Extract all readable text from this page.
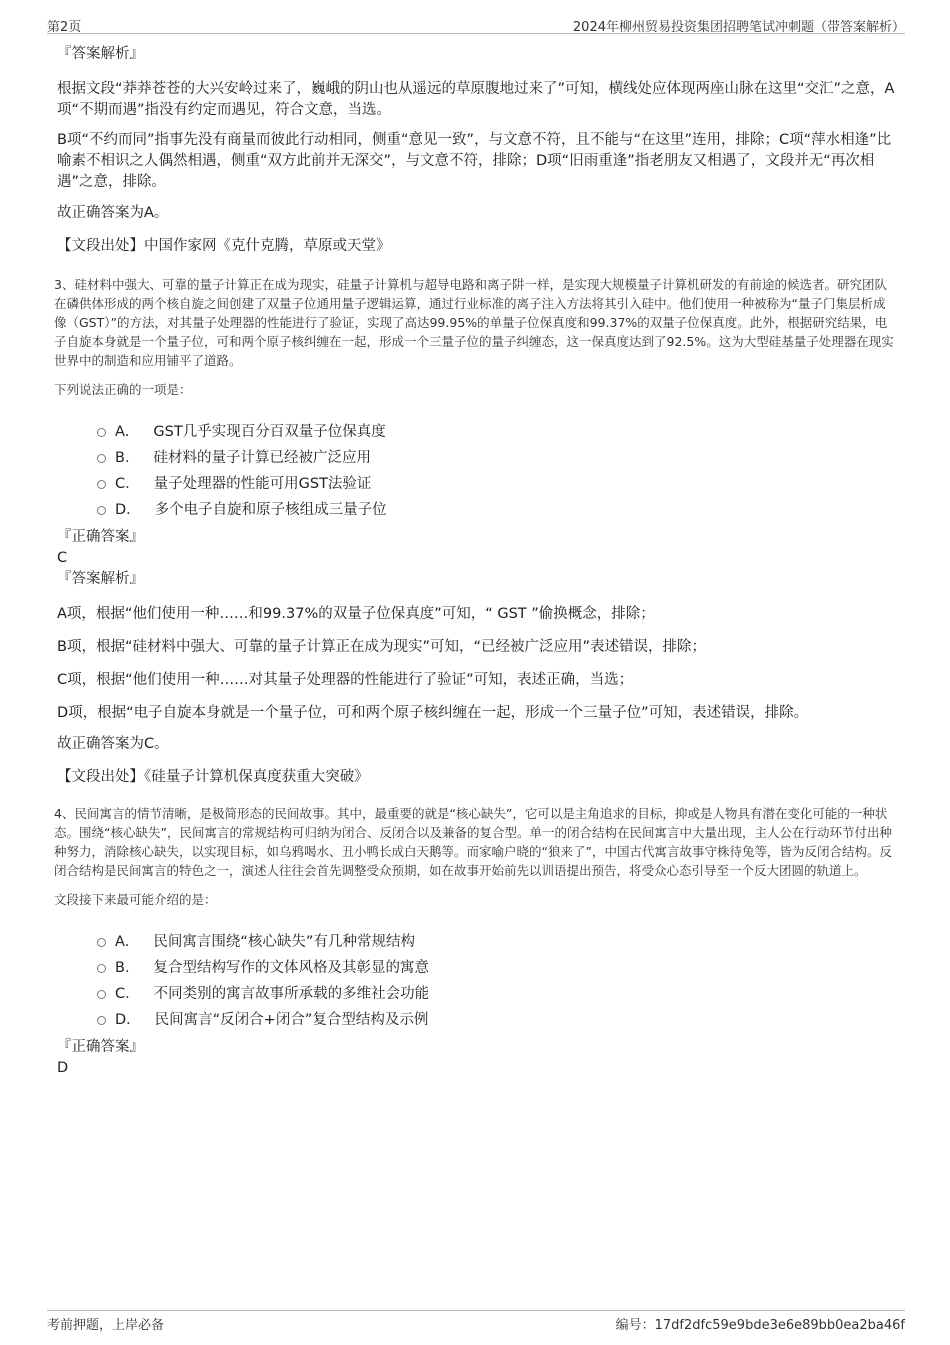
第2页	2024年柳州贸易投资集团招聘笔试冲刺题（带答案解析）
『答案解析』
根据文段“莽莽苍苍的大兴安岭过来了，巍峨的阴山也从遥远的草原腹地过来了”可知，横线处应体现两座山脉在这里“交汇”之意，A项“不期而遇”指没有约定而遇见，符合文意，当选。
B项“不约而同”指事先没有商量而彼此行动相同，侧重“意见一致”，与文意不符，且不能与“在这里”连用，排除；C项“萍水相逢”比喻素不相识之人偶然相遇，侧重“双方此前并无深交”，与文意不符，排除；D项“旧雨重逢”指老朋友又相遇了，文段并无“再次相遇”之意，排除。
故正确答案为A。
【文段出处】中国作家网《克什克腾，草原或天堂》
3、硅材料中强大、可靠的量子计算正在成为现实，硅量子计算机与超导电路和离子阱一样，是实现大规模量子计算机研发的有前途的候选者。研究团队在磷供体形成的两个核自旋之间创建了双量子位通用量子逻辑运算，通过行业标准的离子注入方法将其引入硅中。他们使用一种被称为“量子门集层析成像（GST）”的方法，对其量子处理器的性能进行了验证，实现了高达99.95%的单量子位保真度和99.37%的双量子位保真度。此外，根据研究结果，电子自旋本身就是一个量子位，可和两个原子核纠缠在一起，形成一个三量子位的量子纠缠态，这一保真度达到了92.5%。这为大型硅基量子处理器在现实世界中的制造和应用铺平了道路。
下列说法正确的一项是：
A． GST几乎实现百分百双量子位保真度
B． 硅材料的量子计算已经被广泛应用
C． 量子处理器的性能可用GST法验证
D． 多个电子自旋和原子核组成三量子位
『正确答案』
C
『答案解析』
A项，根据“他们使用一种……和99.37%的双量子位保真度”可知，“ GST ”偷换概念，排除；
B项，根据“硅材料中强大、可靠的量子计算正在成为现实”可知，“已经被广泛应用”表述错误，排除；
C项，根据“他们使用一种……对其量子处理器的性能进行了验证”可知，表述正确，当选；
D项，根据“电子自旋本身就是一个量子位，可和两个原子核纠缠在一起，形成一个三量子位”可知，表述错误，排除。
故正确答案为C。
【文段出处】《硅量子计算机保真度获重大突破》
4、民间寓言的情节清晰，是极简形态的民间故事。其中，最重要的就是“核心缺失”，它可以是主角追求的目标，抑或是人物具有潜在变化可能的一种状态。围绕“核心缺失”，民间寓言的常规结构可归纳为闭合、反闭合以及兼备的复合型。单一的闭合结构在民间寓言中大量出现，主人公在行动环节付出种种努力，消除核心缺失，以实现目标，如乌鸦喝水、丑小鸭长成白天鹅等。而家喻户晓的“狼来了”，中国古代寓言故事守株待兔等，皆为反闭合结构。反闭合结构是民间寓言的特色之一，演述人往往会首先调整受众预期，如在故事开始前先以训语提出预告，将受众心态引导至一个反大团圆的轨道上。
文段接下来最可能介绍的是：
A． 民间寓言围绕“核心缺失”有几种常规结构
B． 复合型结构写作的文体风格及其彰显的寓意
C． 不同类别的寓言故事所承载的多维社会功能
D． 民间寓言“反闭合+闭合”复合型结构及示例
『正确答案』
D
考前押题，上岸必备	编号：17df2dfc59e9bde3e6e89bb0ea2ba46f
